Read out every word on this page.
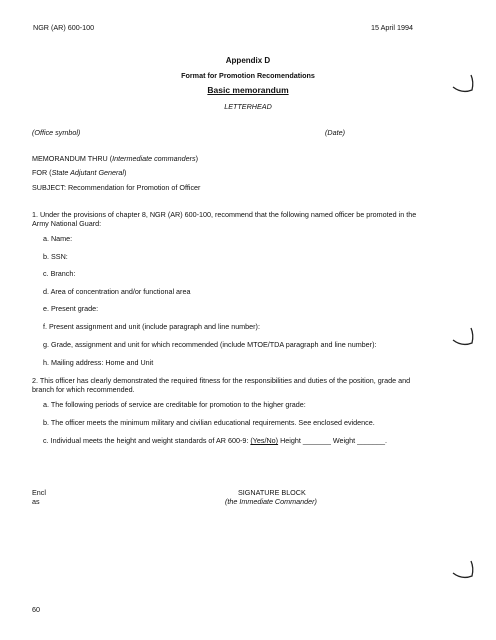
NGR (AR) 600-100	15 April 1994
Appendix D
Format for Promotion Recomendations
Basic memorandum
LETTERHEAD
(Office symbol)	(Date)
MEMORANDUM THRU (Intermediate commanders)
FOR (State Adjutant General)
SUBJECT: Recommendation for Promotion of Officer
1. Under the provisions of chapter 8, NGR (AR) 600-100, recommend that the following named officer be promoted in the Army National Guard:
a. Name:
b. SSN:
c. Branch:
d. Area of concentration and/or functional area
e. Present grade:
f. Present assignment and unit (include paragraph and line number):
g. Grade, assignment and unit for which recommended (include MTOE/TDA paragraph and line number):
h. Mailing address: Home and Unit
2. This officer has clearly demonstrated the required fitness for the responsibilities and duties of the position, grade and branch for which recommended.
a. The following periods of service are creditable for promotion to the higher grade:
b. The officer meets the minimum military and civilian educational requirements. See enclosed evidence.
c. Individual meets the height and weight standards of AR 600-9: (Yes/No) Height _______ Weight _______.
Encl
as
SIGNATURE BLOCK
(the Immediate Commander)
60
